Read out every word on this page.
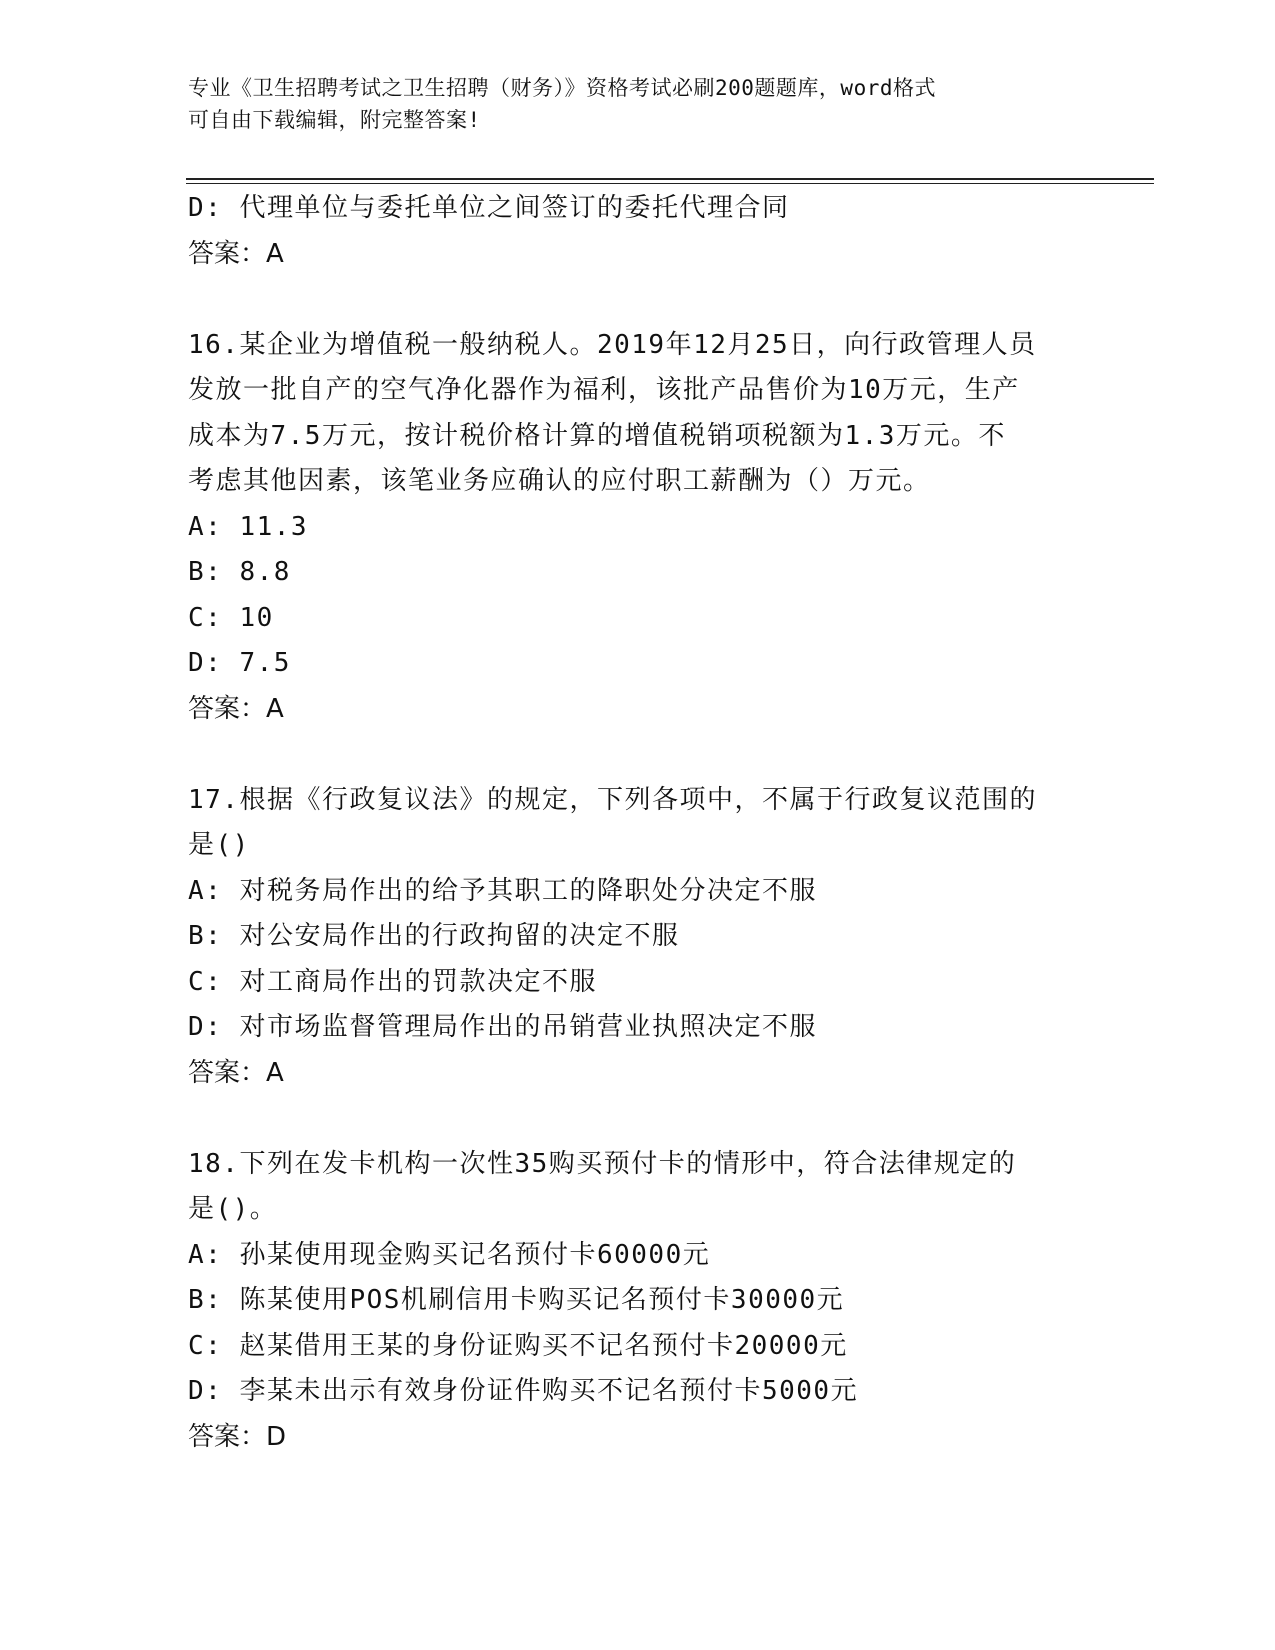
专业《卫生招聘考试之卫生招聘（财务）》资格考试必刷200题题库，word格式
可自由下载编辑，附完整答案!
D: 代理单位与委托单位之间签订的委托代理合同
答案：A
16.某企业为增值税一般纳税人。2019年12月25日，向行政管理人员
发放一批自产的空气净化器作为福利，该批产品售价为10万元，生产
成本为7.5万元，按计税价格计算的增值税销项税额为1.3万元。不
考虑其他因素，该笔业务应确认的应付职工薪酬为（）万元。
A: 11.3
B: 8.8
C: 10
D: 7.5
答案：A
17.根据《行政复议法》的规定，下列各项中，不属于行政复议范围的
是()
A: 对税务局作出的给予其职工的降职处分决定不服
B: 对公安局作出的行政拘留的决定不服
C: 对工商局作出的罚款决定不服
D: 对市场监督管理局作出的吊销营业执照决定不服
答案：A
18.下列在发卡机构一次性35购买预付卡的情形中，符合法律规定的
是()。
A: 孙某使用现金购买记名预付卡60000元
B: 陈某使用POS机刷信用卡购买记名预付卡30000元
C: 赵某借用王某的身份证购买不记名预付卡20000元
D: 李某未出示有效身份证件购买不记名预付卡5000元
答案：D
